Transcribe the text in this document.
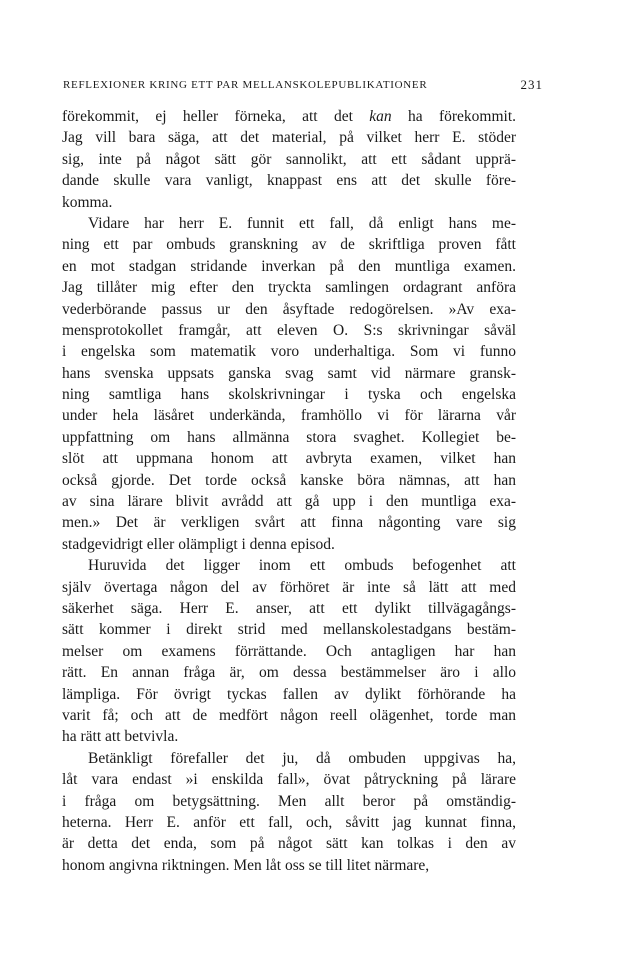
REFLEXIONER KRING ETT PAR MELLANSKOLEPUBLIKATIONER	231

förekommit, ej heller förneka, att det kan ha förekommit.
Jag vill bara säga, att det material, på vilket herr E. stöder
sig, inte på något sätt gör sannolikt, att ett sådant upprä-
dande skulle vara vanligt, knappast ens att det skulle före-
komma.

Vidare har herr E. funnit ett fall, då enligt hans me-
ning ett par ombuds granskning av de skriftliga proven fått
en mot stadgan stridande inverkan på den muntliga examen.
Jag tillåter mig efter den tryckta samlingen ordagrant anföra
vederbörande passus ur den åsyftade redogörelsen. »Av exa-
mensprotokollet framgår, att eleven O. S:s skrivningar såväl
i engelska som matematik voro underhaltiga. Som vi funno
hans svenska uppsats ganska svag samt vid närmare gransk-
ning samtliga hans skolskrivningar i tyska och engelska
under hela läsåret underkända, framhöllo vi för lärarna vår
uppfattning om hans allmänna stora svaghet. Kollegiet be-
slöt att uppmana honom att avbryta examen, vilket han
också gjorde. Det torde också kanske böra nämnas, att han
av sina lärare blivit avrådd att gå upp i den muntliga exa-
men.» Det är verkligen svårt att finna någonting vare sig
stadgevidrigt eller olämpligt i denna episod.

Huruvida det ligger inom ett ombuds befogenhet att
själv övertaga någon del av förhöret är inte så lätt att med
säkerhet säga. Herr E. anser, att ett dylikt tillvägagångs-
sätt kommer i direkt strid med mellanskolestadgans bestäm-
melser om examens förrättande. Och antagligen har han
rätt. En annan fråga är, om dessa bestämmelser äro i allo
lämpliga. För övrigt tyckas fallen av dylikt förhörande ha
varit få; och att de medfört någon reell olägenhet, torde man
ha rätt att betvivla.

Betänkligt förefaller det ju, då ombuden uppgivas ha,
låt vara endast »i enskilda fall», övat påtryckning på lärare
i fråga om betygsättning. Men allt beror på omständig-
heterna. Herr E. anför ett fall, och, såvitt jag kunnat finna,
är detta det enda, som på något sätt kan tolkas i den av
honom angivna riktningen. Men låt oss se till litet närmare,
